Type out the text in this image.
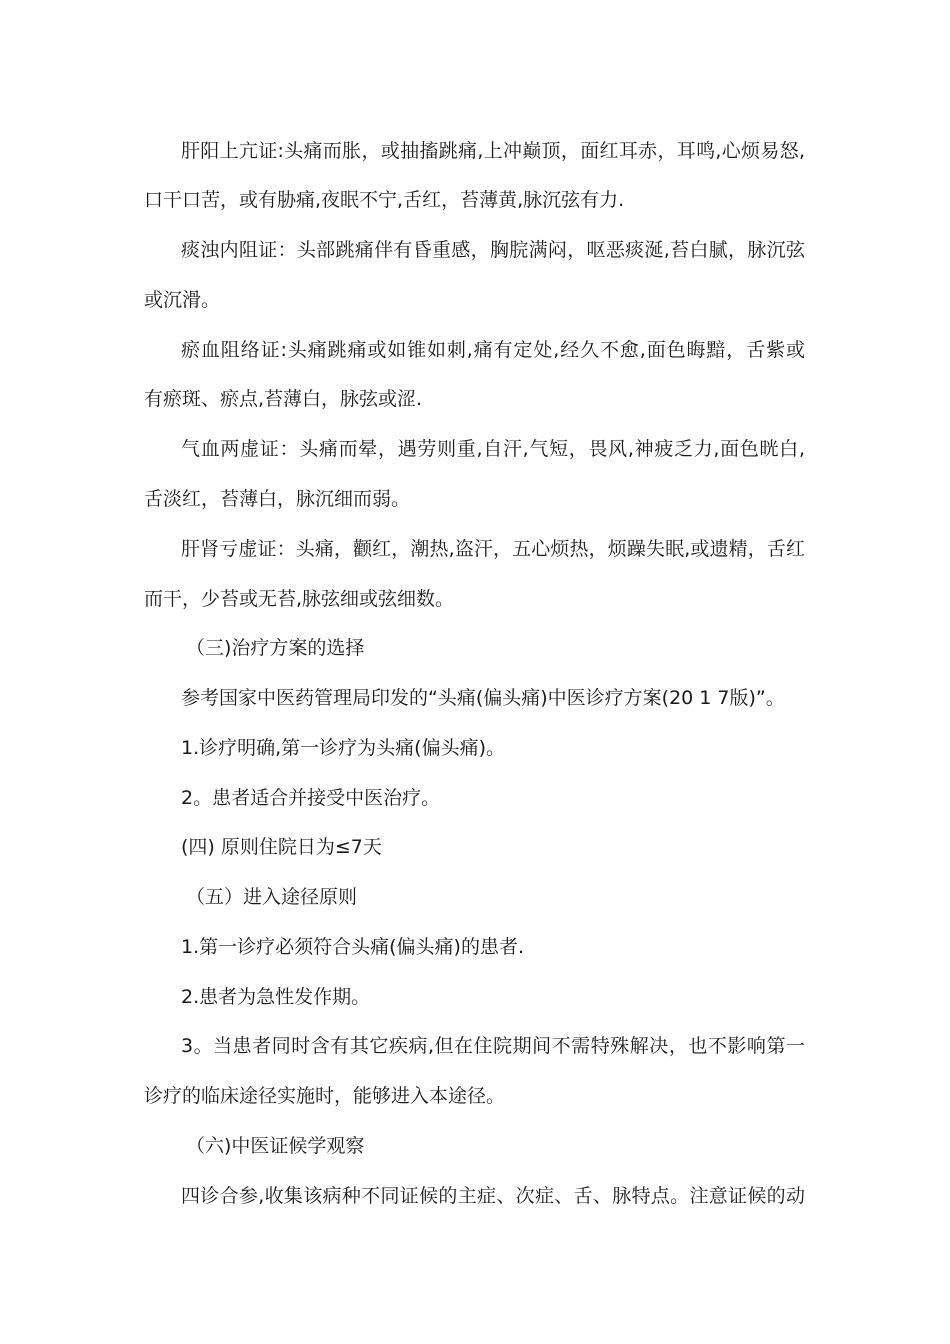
肝阳上亢证:头痛而胀，或抽搐跳痛,上冲巅顶，面红耳赤，耳鸣,心烦易怒,
口干口苦，或有胁痛,夜眠不宁,舌红，苔薄黄,脉沉弦有力.
痰浊内阻证：头部跳痛伴有昏重感，胸脘满闷，呕恶痰涎,苔白腻，脉沉弦
或沉滑。
瘀血阻络证:头痛跳痛或如锥如刺,痛有定处,经久不愈,面色晦黯，舌紫或
有瘀斑、瘀点,苔薄白，脉弦或涩.
气血两虚证：头痛而晕，遇劳则重,自汗,气短，畏风,神疲乏力,面色晄白,
舌淡红，苔薄白，脉沉细而弱。
肝肾亏虚证：头痛，颧红，潮热,盗汗，五心烦热，烦躁失眠,或遗精，舌红
而干，少苔或无苔,脉弦细或弦细数。
（三)治疗方案的选择
参考国家中医药管理局印发的“头痛(偏头痛)中医诊疗方案(20 1 7版)”。
1.诊疗明确,第一诊疗为头痛(偏头痛)。
2。患者适合并接受中医治疗。
(四) 原则住院日为≤7天
（五）进入途径原则
1.第一诊疗必须符合头痛(偏头痛)的患者.
2.患者为急性发作期。
3。当患者同时含有其它疾病,但在住院期间不需特殊解决，也不影响第一
诊疗的临床途径实施时，能够进入本途径。
（六)中医证候学观察
四诊合参,收集该病种不同证候的主症、次症、舌、脉特点。注意证候的动
